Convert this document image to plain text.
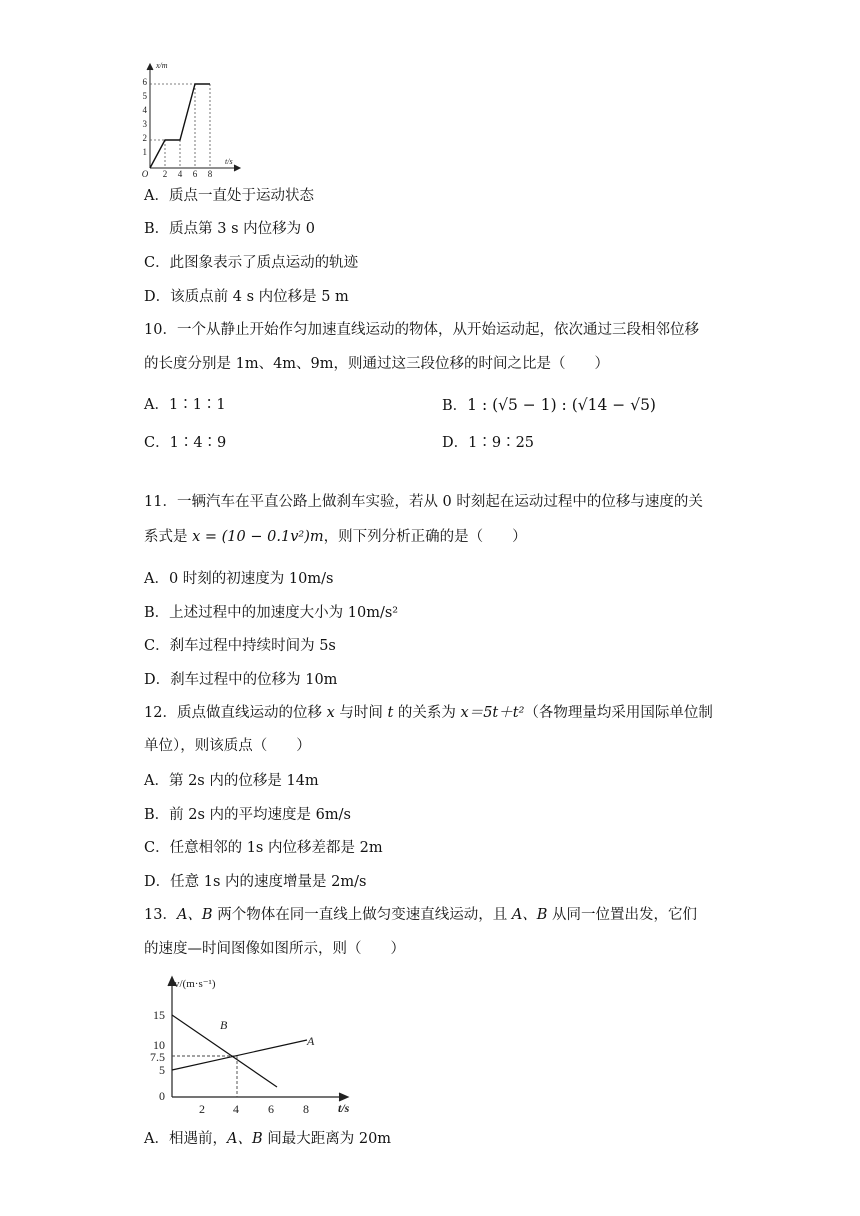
1
2
3
4
5
6
2 4 6 8
O
x/m
t/s
A．质点一直处于运动状态
B．质点第 3 s 内位移为 0
C．此图象表示了质点运动的轨迹
D．该质点前 4 s 内位移是 5 m
10．一个从静止开始作匀加速直线运动的物体，从开始运动起，依次通过三段相邻位移
的长度分别是 1m、4m、9m，则通过这三段位移的时间之比是（　　）
A．1∶1∶1	B．1 : (√5 − 1) : (√14 − √5)
C．1∶4∶9	D．1∶9∶25
11．一辆汽车在平直公路上做刹车实验，若从 0 时刻起在运动过程中的位移与速度的关
系式是 x = (10 − 0.1v²)m，则下列分析正确的是（　　）
A．0 时刻的初速度为 10m/s
B．上述过程中的加速度大小为 10m/s²
C．刹车过程中持续时间为 5s
D．刹车过程中的位移为 10m
12．质点做直线运动的位移 x 与时间 t 的关系为 x＝5t＋t²（各物理量均采用国际单位制
单位），则该质点（　　）
A．第 2s 内的位移是 14m
B．前 2s 内的平均速度是 6m/s
C．任意相邻的 1s 内位移差都是 2m
D．任意 1s 内的速度增量是 2m/s
13．A、B 两个物体在同一直线上做匀变速直线运动，且 A、B 从同一位置出发，它们
的速度—时间图像如图所示，则（　　）
v/(m·s⁻¹)
t/s
15
10
7.5
5
0
2 4 6 8
A
B
A．相遇前，A、B 间最大距离为 20m
